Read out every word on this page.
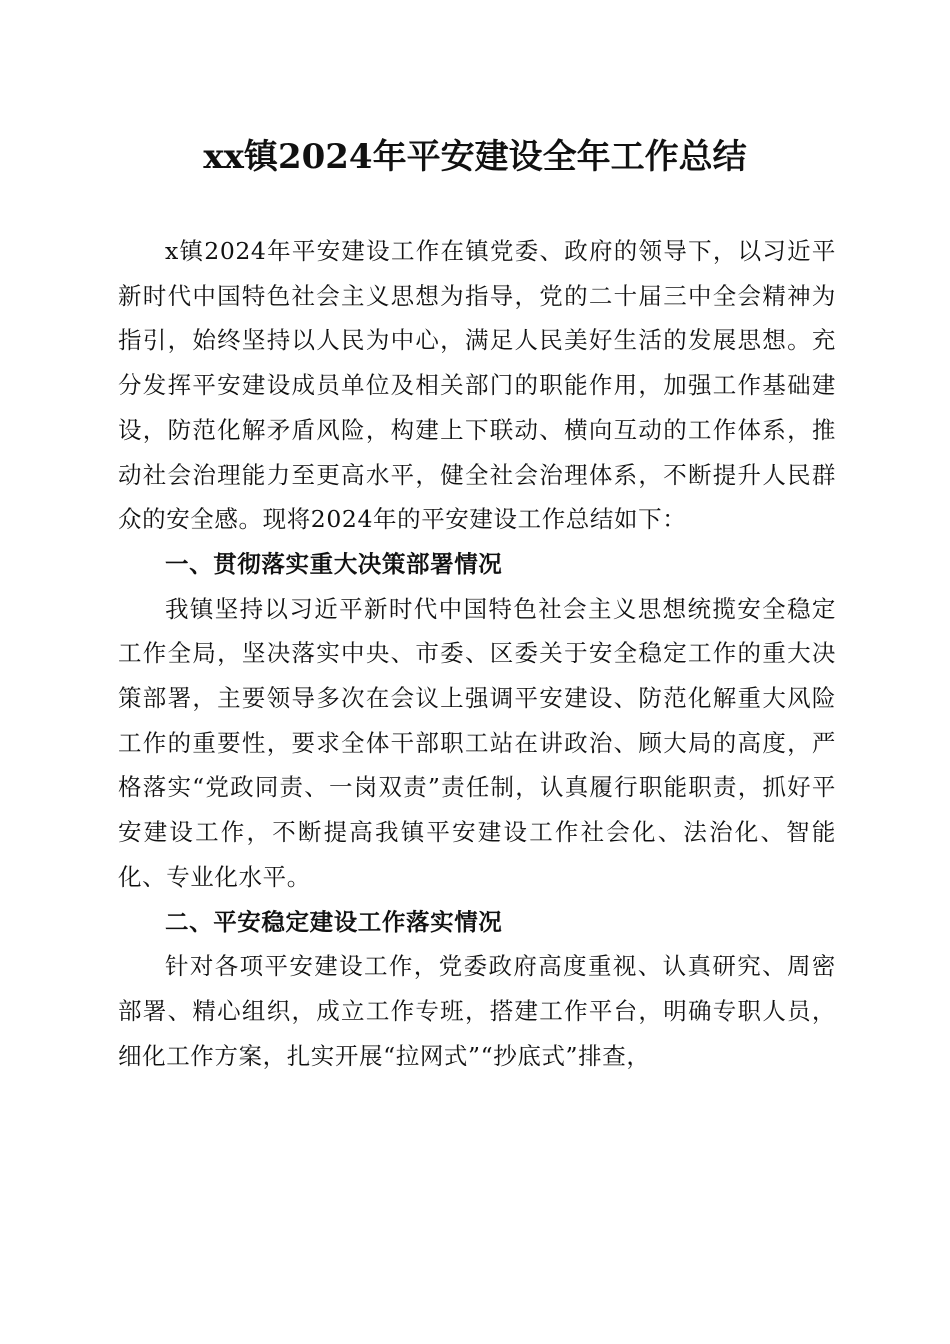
xx镇2024年平安建设全年工作总结

x镇2024年平安建设工作在镇党委、政府的领导下，以习近平新时代中国特色社会主义思想为指导，党的二十届三中全会精神为指引，始终坚持以人民为中心，满足人民美好生活的发展思想。充分发挥平安建设成员单位及相关部门的职能作用，加强工作基础建设，防范化解矛盾风险，构建上下联动、横向互动的工作体系，推动社会治理能力至更高水平，健全社会治理体系，不断提升人民群众的安全感。现将2024年的平安建设工作总结如下：

一、贯彻落实重大决策部署情况

我镇坚持以习近平新时代中国特色社会主义思想统揽安全稳定工作全局，坚决落实中央、市委、区委关于安全稳定工作的重大决策部署，主要领导多次在会议上强调平安建设、防范化解重大风险工作的重要性，要求全体干部职工站在讲政治、顾大局的高度，严格落实“党政同责、一岗双责”责任制，认真履行职能职责，抓好平安建设工作，不断提高我镇平安建设工作社会化、法治化、智能化、专业化水平。

二、平安稳定建设工作落实情况

针对各项平安建设工作，党委政府高度重视、认真研究、周密部署、精心组织，成立工作专班，搭建工作平台，明确专职人员，细化工作方案，扎实开展“拉网式”“抄底式”排查，
